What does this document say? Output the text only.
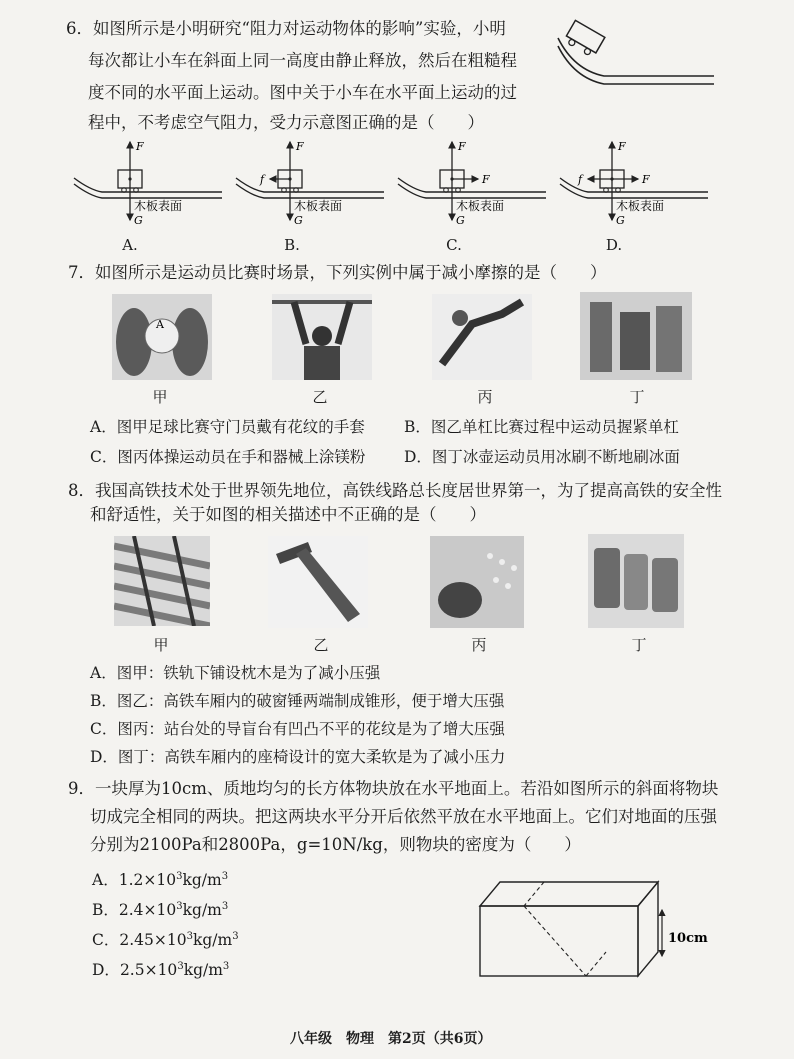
6．如图所示是小明研究“阻力对运动物体的影响”实验，小明
每次都让小车在斜面上同一高度由静止释放，然后在粗糙程
度不同的水平面上运动。图中关于小车在水平面上运动的过
程中，不考虑空气阻力，受力示意图正确的是（　　）
F
G
木板表面
A.
F
f
G
木板表面
B.
F
F
G
木板表面
C.
F
f	F
G
木板表面
D.
7．如图所示是运动员比赛时场景，下列实例中属于减小摩擦的是（　　）
A
甲	乙	丙	丁
A．图甲足球比赛守门员戴有花纹的手套	B．图乙单杠比赛过程中运动员握紧单杠
C．图丙体操运动员在手和器械上涂镁粉 D．图丁冰壶运动员用冰刷不断地刷冰面
8．我国高铁技术处于世界领先地位，高铁线路总长度居世界第一，为了提高高铁的安全性
和舒适性，关于如图的相关描述中不正确的是（　　）
甲	乙	丙	丁
A．图甲：铁轨下铺设枕木是为了减小压强
B．图乙：高铁车厢内的破窗锤两端制成锥形，便于增大压强
C．图丙：站台处的导盲台有凹凸不平的花纹是为了增大压强
D．图丁：高铁车厢内的座椅设计的宽大柔软是为了减小压力
9．一块厚为10cm、质地均匀的长方体物块放在水平地面上。若沿如图所示的斜面将物块
切成完全相同的两块。把这两块水平分开后依然平放在水平地面上。它们对地面的压强
分别为2100Pa和2800Pa，g=10N/kg，则物块的密度为（　　）
A．$1.2\times 10^3kg/m^3$
B．$2.4\times 10^3kg/m^3$
C．$2.45\times 10^3kg/m^3$
D．$2.5\times 10^3kg/m^3$
10cm
八年级　物理　第2页（共6页）
